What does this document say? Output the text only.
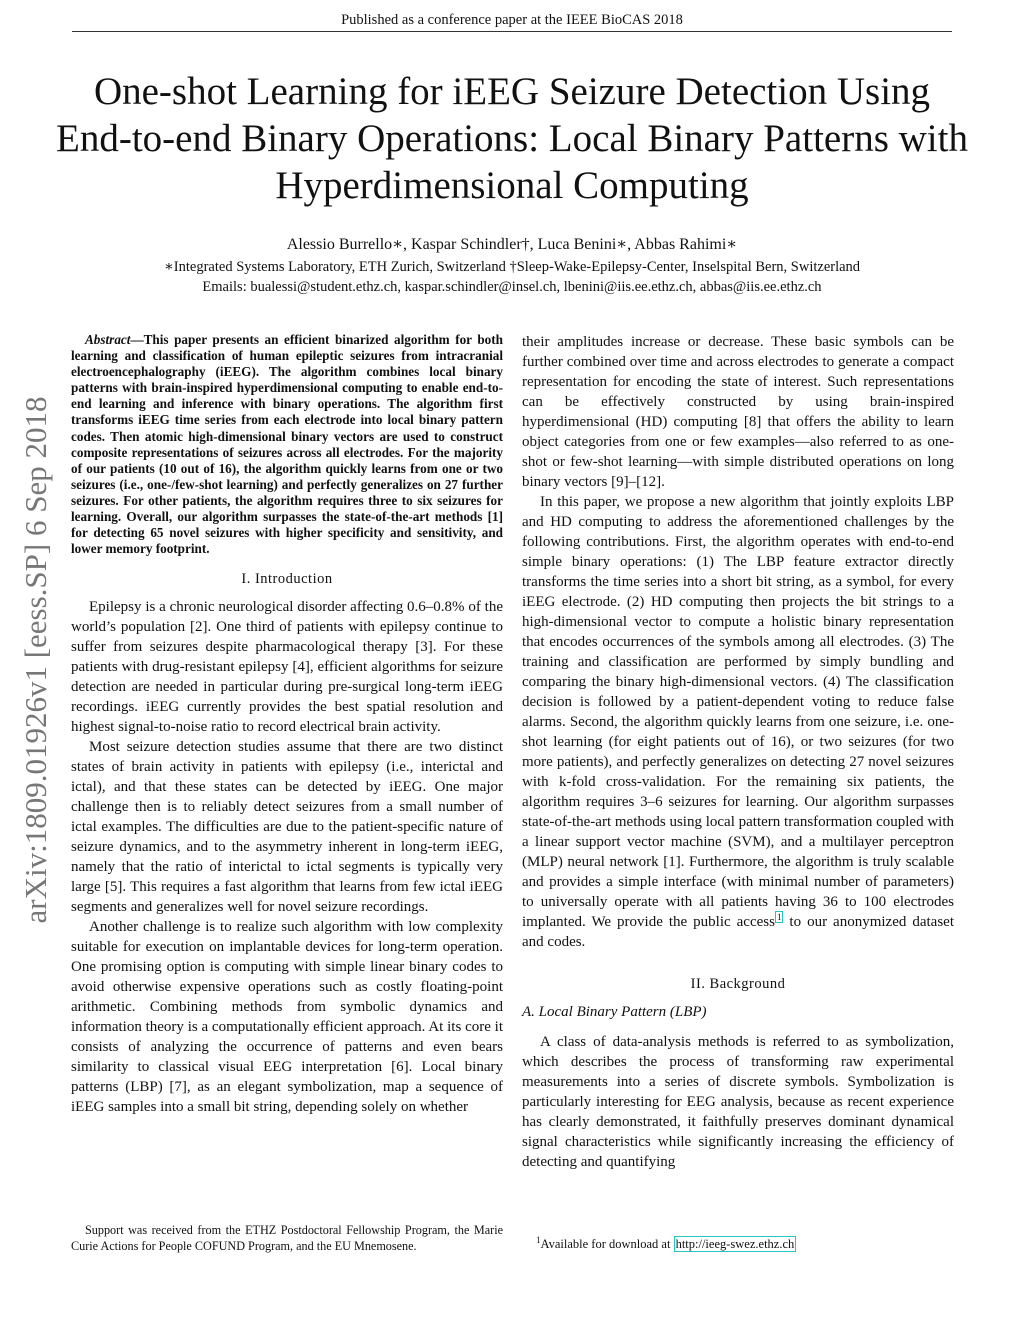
Published as a conference paper at the IEEE BioCAS 2018
arXiv:1809.01926v1 [eess.SP] 6 Sep 2018
One-shot Learning for iEEG Seizure Detection Using End-to-end Binary Operations: Local Binary Patterns with Hyperdimensional Computing
Alessio Burrello∗, Kaspar Schindler†, Luca Benini∗, Abbas Rahimi∗
∗Integrated Systems Laboratory, ETH Zurich, Switzerland †Sleep-Wake-Epilepsy-Center, Inselspital Bern, Switzerland
Emails: bualessi@student.ethz.ch, kaspar.schindler@insel.ch, lbenini@iis.ee.ethz.ch, abbas@iis.ee.ethz.ch

Abstract—This paper presents an efficient binarized algorithm for both learning and classification of human epileptic seizures from intracranial electroencephalography (iEEG). The algorithm combines local binary patterns with brain-inspired hyperdimensional computing to enable end-to-end learning and inference with binary operations. The algorithm first transforms iEEG time series from each electrode into local binary pattern codes. Then atomic high-dimensional binary vectors are used to construct composite representations of seizures across all electrodes. For the majority of our patients (10 out of 16), the algorithm quickly learns from one or two seizures (i.e., one-/few-shot learning) and perfectly generalizes on 27 further seizures. For other patients, the algorithm requires three to six seizures for learning. Overall, our algorithm surpasses the state-of-the-art methods [1] for detecting 65 novel seizures with higher specificity and sensitivity, and lower memory footprint.

I. Introduction

Epilepsy is a chronic neurological disorder affecting 0.6–0.8% of the world’s population [2]. One third of patients with epilepsy continue to suffer from seizures despite pharmacological therapy [3]. For these patients with drug-resistant epilepsy [4], efficient algorithms for seizure detection are needed in particular during pre-surgical long-term iEEG recordings. iEEG currently provides the best spatial resolution and highest signal-to-noise ratio to record electrical brain activity.

Most seizure detection studies assume that there are two distinct states of brain activity in patients with epilepsy (i.e., interictal and ictal), and that these states can be detected by iEEG. One major challenge then is to reliably detect seizures from a small number of ictal examples. The difficulties are due to the patient-specific nature of seizure dynamics, and to the asymmetry inherent in long-term iEEG, namely that the ratio of interictal to ictal segments is typically very large [5]. This requires a fast algorithm that learns from few ictal iEEG segments and generalizes well for novel seizure recordings.

Another challenge is to realize such algorithm with low complexity suitable for execution on implantable devices for long-term operation. One promising option is computing with simple linear binary codes to avoid otherwise expensive operations such as costly floating-point arithmetic. Combining methods from symbolic dynamics and information theory is a computationally efficient approach. At its core it consists of analyzing the occurrence of patterns and even bears similarity to classical visual EEG interpretation [6]. Local binary patterns (LBP) [7], as an elegant symbolization, map a sequence of iEEG samples into a small bit string, depending solely on whether

their amplitudes increase or decrease. These basic symbols can be further combined over time and across electrodes to generate a compact representation for encoding the state of interest. Such representations can be effectively constructed by using brain-inspired hyperdimensional (HD) computing [8] that offers the ability to learn object categories from one or few examples—also referred to as one-shot or few-shot learning—with simple distributed operations on long binary vectors [9]–[12].

In this paper, we propose a new algorithm that jointly exploits LBP and HD computing to address the aforementioned challenges by the following contributions. First, the algorithm operates with end-to-end simple binary operations: (1) The LBP feature extractor directly transforms the time series into a short bit string, as a symbol, for every iEEG electrode. (2) HD computing then projects the bit strings to a high-dimensional vector to compute a holistic binary representation that encodes occurrences of the symbols among all electrodes. (3) The training and classification are performed by simply bundling and comparing the binary high-dimensional vectors. (4) The classification decision is followed by a patient-dependent voting to reduce false alarms. Second, the algorithm quickly learns from one seizure, i.e. one-shot learning (for eight patients out of 16), or two seizures (for two more patients), and perfectly generalizes on detecting 27 novel seizures with k-fold cross-validation. For the remaining six patients, the algorithm requires 3–6 seizures for learning. Our algorithm surpasses state-of-the-art methods using local pattern transformation coupled with a linear support vector machine (SVM), and a multilayer perceptron (MLP) neural network [1]. Furthermore, the algorithm is truly scalable and provides a simple interface (with minimal number of parameters) to universally operate with all patients having 36 to 100 electrodes implanted. We provide the public access $^1$ to our anonymized dataset and codes.

II. Background
A. Local Binary Pattern (LBP)

A class of data-analysis methods is referred to as symbolization, which describes the process of transforming raw experimental measurements into a series of discrete symbols. Symbolization is particularly interesting for EEG analysis, because as recent experience has clearly demonstrated, it faithfully preserves dominant dynamical signal characteristics while significantly increasing the efficiency of detecting and quantifying

Support was received from the ETHZ Postdoctoral Fellowship Program, the Marie Curie Actions for People COFUND Program, and the EU Mnemosene.	$^1$Available for download at http://ieeg-swez.ethz.ch
